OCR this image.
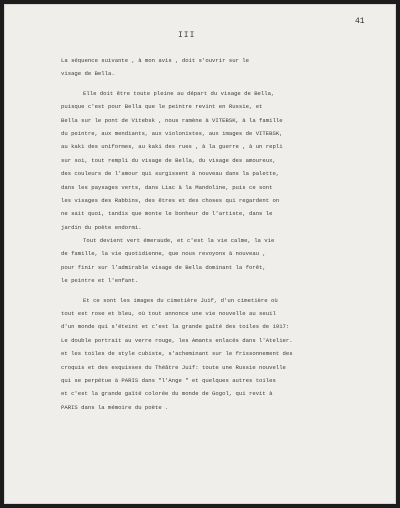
41
III
La séquence suivante , à mon avis , doit s'ouvrir sur le
visage de Bella.
Elle doit être toute pleine au départ du visage de Bella,
puisque c'est pour Bella que le peintre revint en Russie, et
Bella sur le pont de Vitebsk , nous ramène à VITEBSK, à la famille
du peintre, aux mendiants, aux violonistes, aux images de VITEBSK,
au kaki des uniformes, au kaki des rues , à la guerre , à un repli
sur soi, tout rempli du visage de Bella, du visage des amoureux,
des couleurs de l'amour qui surgissent à nouveau dans la palette,
dans les paysages verts, dans Liac à la Mandoline, puis ce sont
les visages des Rabbins, des êtres et des choses qui regardent on
ne sait quoi, tandis que monte le bonheur de l'artiste, dans le
jardin du poète endormi.
Tout devient vert émeraude, et c'est la vie calme, la vie
de famille, la vie quotidienne, que nous revoyons à nouveau ,
pour finir sur l'admirable visage de Bella dominant la forêt,
le peintre et l'enfant.
Et ce sont les images du cimetière Juif, d'un cimetière où
tout est rose et bleu, où tout annonce une vie nouvelle au seuil
d'un monde qui s'éteint et c'est la grande gaîté des toiles de 1917:
Le double portrait au verre rouge, les Amants enlacés dans l'Atelier.
et les toiles de style cubiste, s'acheminant sur le frissonnement des
croquis et des esquisses du Théâtre Juif: toute une Russie nouvelle
qui se perpétue à PARIS dans "l'Ange " et quelques autres toiles
et c'est la grande gaîté colorée du monde de Gogol, qui revit à
PARIS dans la mémoire du poète .
